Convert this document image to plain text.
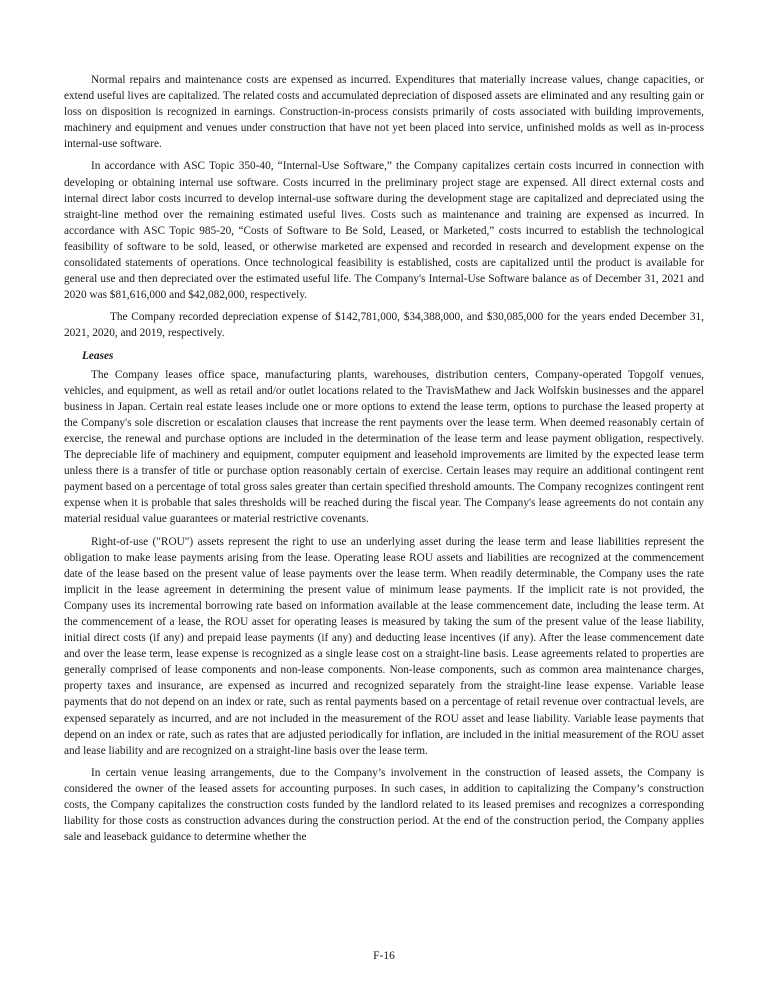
Normal repairs and maintenance costs are expensed as incurred. Expenditures that materially increase values, change capacities, or extend useful lives are capitalized. The related costs and accumulated depreciation of disposed assets are eliminated and any resulting gain or loss on disposition is recognized in earnings. Construction-in-process consists primarily of costs associated with building improvements, machinery and equipment and venues under construction that have not yet been placed into service, unfinished molds as well as in-process internal-use software.

In accordance with ASC Topic 350-40, “Internal-Use Software,” the Company capitalizes certain costs incurred in connection with developing or obtaining internal use software. Costs incurred in the preliminary project stage are expensed. All direct external costs and internal direct labor costs incurred to develop internal-use software during the development stage are capitalized and depreciated using the straight-line method over the remaining estimated useful lives. Costs such as maintenance and training are expensed as incurred. In accordance with ASC Topic 985-20, “Costs of Software to Be Sold, Leased, or Marketed,” costs incurred to establish the technological feasibility of software to be sold, leased, or otherwise marketed are expensed and recorded in research and development expense on the consolidated statements of operations. Once technological feasibility is established, costs are capitalized until the product is available for general use and then depreciated over the estimated useful life. The Company's Internal-Use Software balance as of December 31, 2021 and 2020 was $81,616,000 and $42,082,000, respectively.

The Company recorded depreciation expense of $142,781,000, $34,388,000, and $30,085,000 for the years ended December 31, 2021, 2020, and 2019, respectively.

Leases

The Company leases office space, manufacturing plants, warehouses, distribution centers, Company-operated Topgolf venues, vehicles, and equipment, as well as retail and/or outlet locations related to the TravisMathew and Jack Wolfskin businesses and the apparel business in Japan. Certain real estate leases include one or more options to extend the lease term, options to purchase the leased property at the Company's sole discretion or escalation clauses that increase the rent payments over the lease term. When deemed reasonably certain of exercise, the renewal and purchase options are included in the determination of the lease term and lease payment obligation, respectively. The depreciable life of machinery and equipment, computer equipment and leasehold improvements are limited by the expected lease term unless there is a transfer of title or purchase option reasonably certain of exercise. Certain leases may require an additional contingent rent payment based on a percentage of total gross sales greater than certain specified threshold amounts. The Company recognizes contingent rent expense when it is probable that sales thresholds will be reached during the fiscal year. The Company's lease agreements do not contain any material residual value guarantees or material restrictive covenants.

Right-of-use ("ROU") assets represent the right to use an underlying asset during the lease term and lease liabilities represent the obligation to make lease payments arising from the lease. Operating lease ROU assets and liabilities are recognized at the commencement date of the lease based on the present value of lease payments over the lease term. When readily determinable, the Company uses the rate implicit in the lease agreement in determining the present value of minimum lease payments. If the implicit rate is not provided, the Company uses its incremental borrowing rate based on information available at the lease commencement date, including the lease term. At the commencement of a lease, the ROU asset for operating leases is measured by taking the sum of the present value of the lease liability, initial direct costs (if any) and prepaid lease payments (if any) and deducting lease incentives (if any). After the lease commencement date and over the lease term, lease expense is recognized as a single lease cost on a straight-line basis. Lease agreements related to properties are generally comprised of lease components and non-lease components. Non-lease components, such as common area maintenance charges, property taxes and insurance, are expensed as incurred and recognized separately from the straight-line lease expense. Variable lease payments that do not depend on an index or rate, such as rental payments based on a percentage of retail revenue over contractual levels, are expensed separately as incurred, and are not included in the measurement of the ROU asset and lease liability. Variable lease payments that depend on an index or rate, such as rates that are adjusted periodically for inflation, are included in the initial measurement of the ROU asset and lease liability and are recognized on a straight-line basis over the lease term.

In certain venue leasing arrangements, due to the Company’s involvement in the construction of leased assets, the Company is considered the owner of the leased assets for accounting purposes. In such cases, in addition to capitalizing the Company’s construction costs, the Company capitalizes the construction costs funded by the landlord related to its leased premises and recognizes a corresponding liability for those costs as construction advances during the construction period. At the end of the construction period, the Company applies sale and leaseback guidance to determine whether the

F-16
